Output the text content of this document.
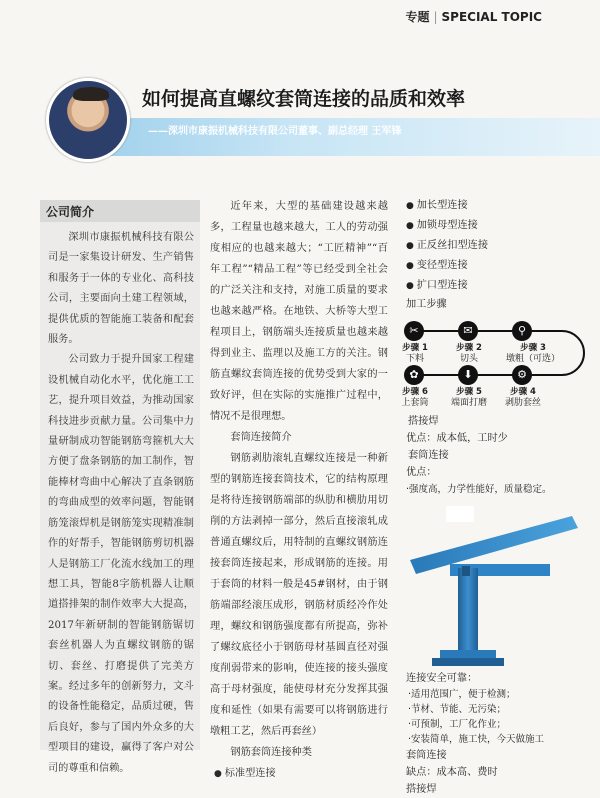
专题 | SPECIAL TOPIC
如何提高直螺纹套筒连接的品质和效率
——深圳市康振机械科技有限公司董事、副总经理 王军锋
公司简介

深圳市康振机械科技有限公司是一家集设计研发、生产销售和服务于一体的专业化、高科技公司，主要面向土建工程领域，提供优质的智能施工装备和配套服务。

公司致力于提升国家工程建设机械自动化水平，优化施工工艺，提升项目效益，为推动国家科技进步贡献力量。公司集中力量研制成功智能钢筋弯箍机大大方便了盘条钢筋的加工制作，智能棒材弯曲中心解决了直条钢筋的弯曲成型的效率问题，智能钢筋笼滚焊机是钢筋笼实现精准制作的好帮手，智能钢筋剪切机器人是钢筋工厂化流水线加工的理想工具，智能8字筋机器人让顺道搭排架的制作效率大大提高，2017年新研制的智能钢筋锯切套丝机器人为直螺纹钢筋的锯切、套丝、打磨提供了完美方案。经过多年的创新努力，文斗的设备性能稳定，品质过硬，售后良好，参与了国内外众多的大型项目的建设，赢得了客户对公司的尊重和信赖。

近年来，大型的基础建设越来越多，工程量也越来越大，工人的劳动强度相应的也越来越大；“工匠精神”“百年工程”“精品工程”等已经受到全社会的广泛关注和支持，对施工质量的要求也越来越严格。在地铁、大桥等大型工程项目上，钢筋端头连接质量也越来越得到业主、监理以及施工方的关注。钢筋直螺纹套筒连接的优势受到大家的一致好评，但在实际的实施推广过程中，情况不是很理想。

套筒连接简介

钢筋剥肋滚轧直螺纹连接是一种新型的钢筋连接套筒技术，它的结构原理是将待连接钢筋端部的纵肋和横肋用切削的方法剥掉一部分，然后直接滚轧成普通直螺纹后，用特制的直螺纹钢筋连接套筒连接起来，形成钢筋的连接。用于套筒的材料一般是45#钢材，由于钢筋端部经滚压成形，钢筋材质经冷作处理，螺纹和钢筋强度都有所提高，弥补了螺纹底径小于钢筋母材基圆直径对强度削弱带来的影响，使连接的接头强度高于母材强度，能使母材充分发挥其强度和延性（如果有需要可以将钢筋进行墩粗工艺，然后再套丝）

钢筋套筒连接种类

● 标准型连接
● 加长型连接
● 加锁母型连接
● 正反丝扣型连接
● 变径型连接
● 扩口型连接
加工步骤
✂	✉	⚲
⚙
⬇
✿
步骤 1
下料
步骤 2
切头
步骤 3
墩粗（可选）
步骤 4
剥肋套丝
步骤 5
端面打磨
步骤 6
上套筒
搭接焊
优点：成本低，工时少
套筒连接
优点：
·强度高，力学性能好，质量稳定。
连接安全可靠：
·适用范围广，便于检测；
·节材、节能、无污染；
·可预制，工厂化作业；
·安装简单，施工快，今天做施工
套筒连接
缺点：成本高、费时
搭接焊
